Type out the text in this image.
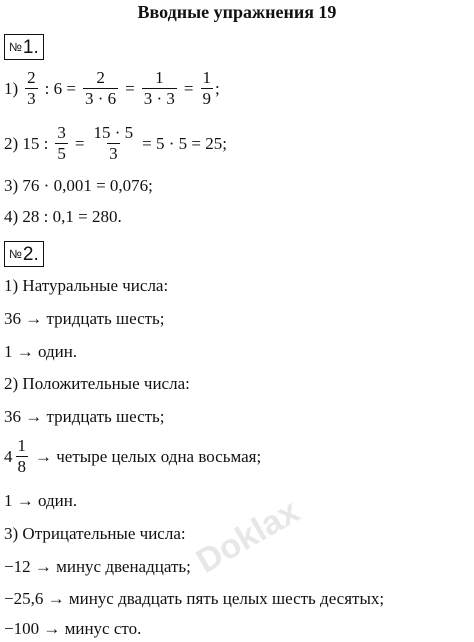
Вводные упражнения 19
№1.
$1) \frac{2}{3}$ : $6 = \frac{2}{3 \cdot 6} = \frac{1}{3 \cdot 3} = \frac{1}{9}$ ;
2) 15 : $\frac{3}{5} = \frac{15 \cdot 5}{3} = 5 \cdot 5 = 25$;
3) 76 · 0,001 = 0,076;
4) 28 : 0,1 = 280.
№2.
1) Натуральные числа:
36 → тридцать шесть;
1 → один.
2) Положительные числа:
36 → тридцать шесть;
$4 \frac{1}{8}$ → четыре целых одна восьмая;
1 → один.
3) Отрицательные числа:
−12 → минус двенадцать;
−25,6 → минус двадцать пять целых шесть десятых;
−100 → минус сто.
Doklax
